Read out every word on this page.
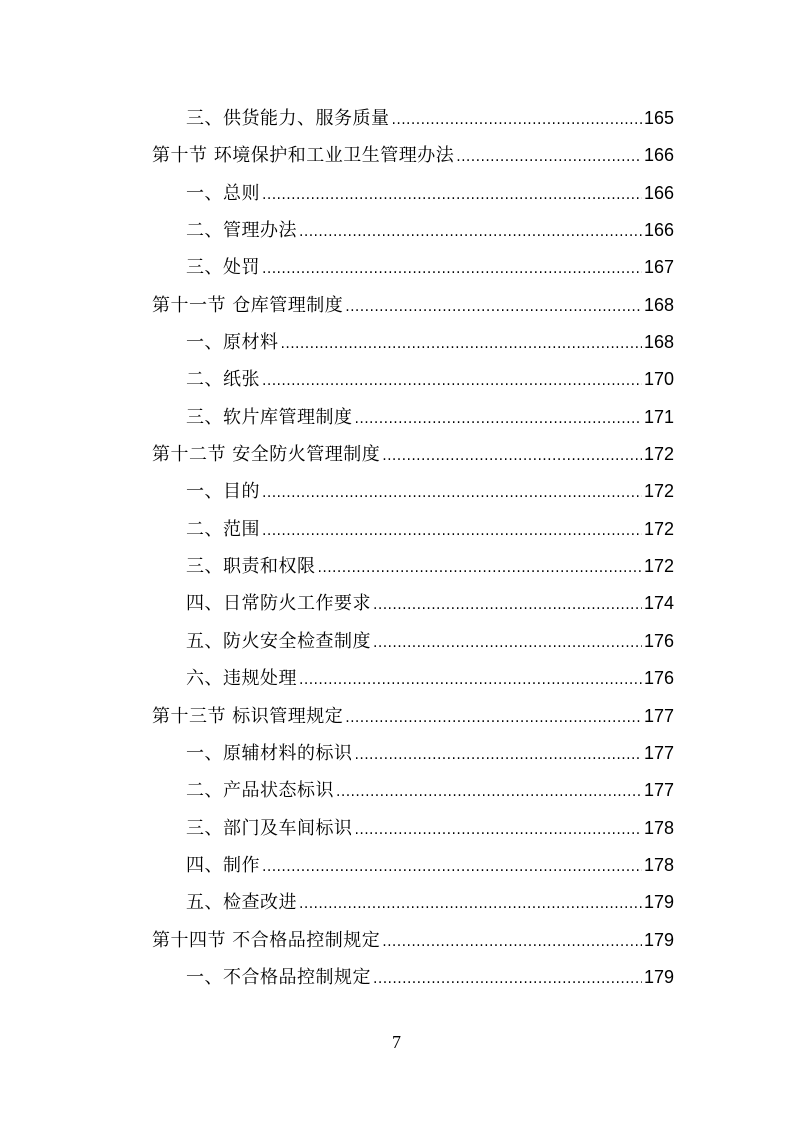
三、供货能力、服务质量 .....	165
第十节 环境保护和工业卫生管理办法 .....	166
一、总则 .....	166
二、管理办法 .....	166
三、处罚 .....	167
第十一节 仓库管理制度 .....	168
一、原材料 .....	168
二、纸张 .....	170
三、软片库管理制度 .....	171
第十二节 安全防火管理制度 .....	172
一、目的 .....	172
二、范围 .....	172
三、职责和权限 .....	172
四、日常防火工作要求 .....	174
五、防火安全检查制度 .....	176
六、违规处理 .....	176
第十三节 标识管理规定 .....	177
一、原辅材料的标识 .....	177
二、产品状态标识 .....	177
三、部门及车间标识 .....	178
四、制作 .....	178
五、检查改进 .....	179
第十四节 不合格品控制规定 .....	179
一、不合格品控制规定 .....	179
7
